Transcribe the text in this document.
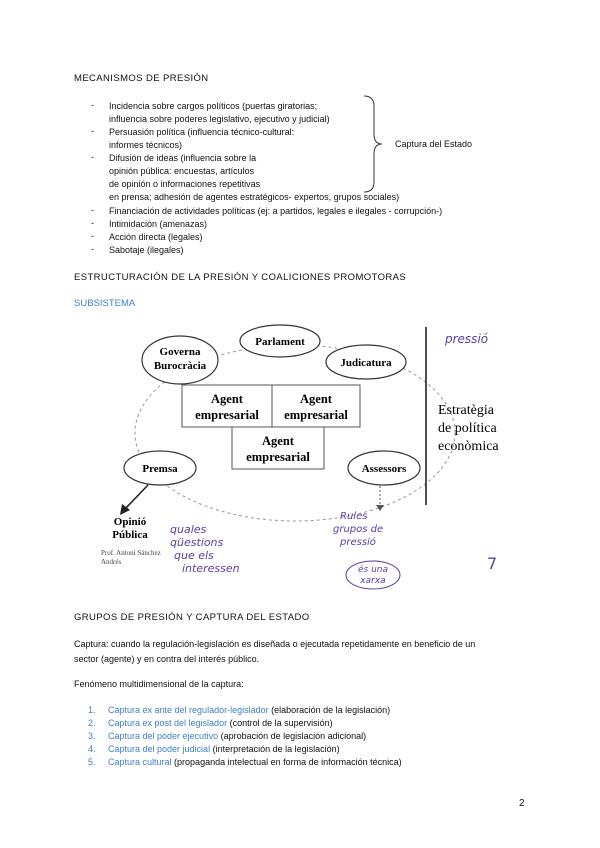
MECANISMOS DE PRESIÓN
- Incidencia sobre cargos políticos (puertas giratorias;
influencia sobre poderes legislativo, ejecutivo y judicial)
- Persuasión política (influencia técnico-cultural:
informes técnicos)
- Difusión de ideas (influencia sobre la
opinión pública: encuestas, artículos
de opinión o informaciones repetitivas
en prensa; adhesión de agentes estratégicos- expertos, grupos sociales)
- Financiación de actividades políticas (ej: a partidos, legales e ilegales - corrupción-)
- Intimidación (amenazas)
- Acción directa (legales)
- Sabotaje (ilegales)
Captura del Estado
ESTRUCTURACIÓN DE LA PRESIÓN Y COALICIONES PROMOTORAS
SUBSISTEMA
Parlament
Governa
Burocràcia	Judicatura
Agent
empresarial
Agent
empresarial
Agent
empresarial
Premsa	Assessors
Opinió
Pública
Prof. Antoni Sánchez
Andrés
Estratègia
de política
econòmica
pressió
quales
qüestions
que els
interessen
Rules
grupos de
pressió
és una
xarxa
7
GRUPOS DE PRESIÓN Y CAPTURA DEL ESTADO
Captura: cuando la regulación-legislación es diseñada o ejecutada repetidamente en beneficio de un
sector (agente) y en contra del interés público.
Fenómeno multidimensional de la captura:
1. Captura ex ante del regulador-legislador (elaboración de la legislación)
2. Captura ex post del legislador (control de la supervisión)
3. Captura del poder ejecutivo (aprobación de legislación adicional)
4. Captura del poder judicial (interpretación de la legislación)
5. Captura cultural (propaganda intelectual en forma de información técnica)
2
